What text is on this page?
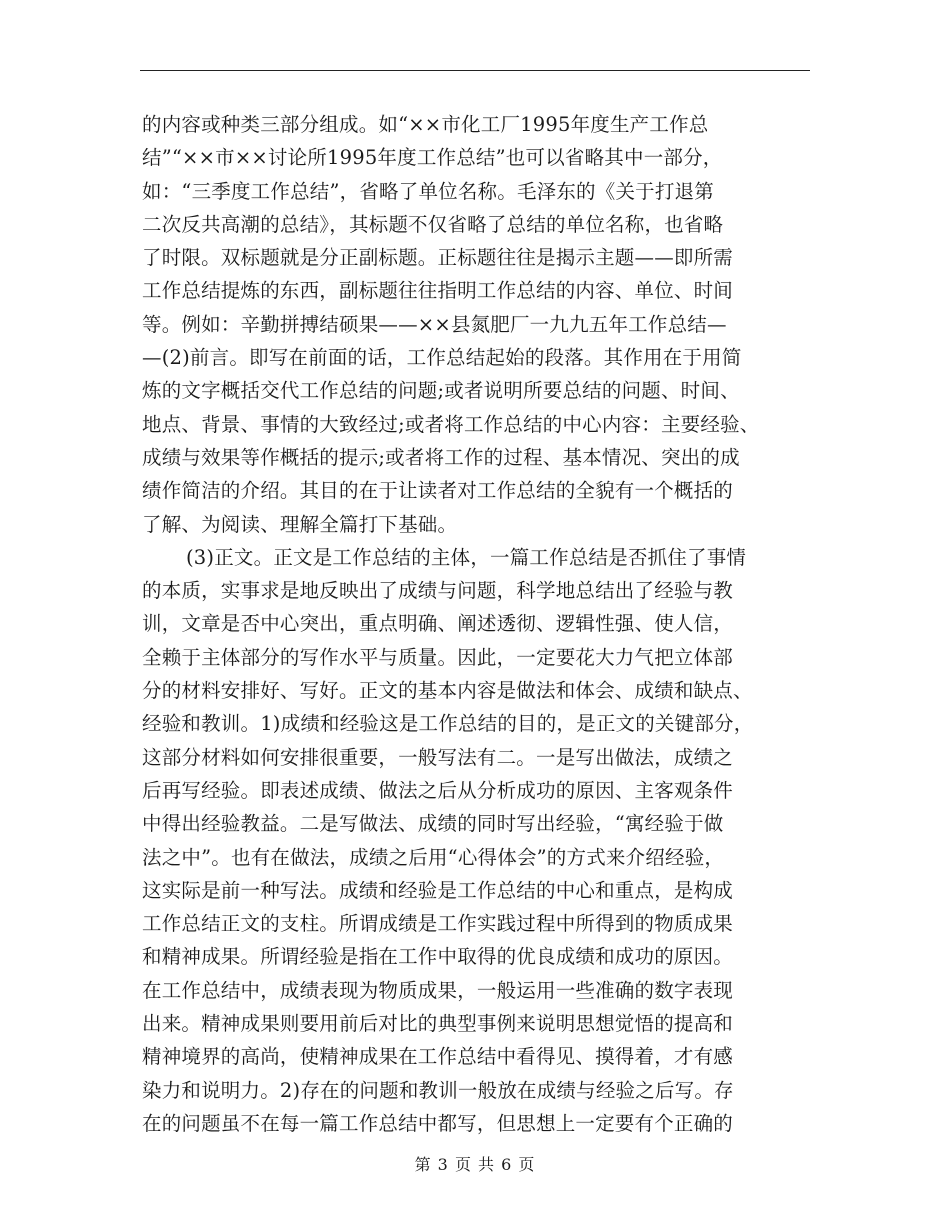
的内容或种类三部分组成。如“××市化工厂1995年度生产工作总
结”“××市××讨论所1995年度工作总结”也可以省略其中一部分，
如：“三季度工作总结”，省略了单位名称。毛泽东的《关于打退第
二次反共高潮的总结》，其标题不仅省略了总结的单位名称，也省略
了时限。双标题就是分正副标题。正标题往往是揭示主题——即所需
工作总结提炼的东西，副标题往往指明工作总结的内容、单位、时间
等。例如：辛勤拼搏结硕果——××县氮肥厂一九九五年工作总结—
—(2)前言。即写在前面的话，工作总结起始的段落。其作用在于用简
炼的文字概括交代工作总结的问题;或者说明所要总结的问题、时间、
地点、背景、事情的大致经过;或者将工作总结的中心内容：主要经验、
成绩与效果等作概括的提示;或者将工作的过程、基本情况、突出的成
绩作简洁的介绍。其目的在于让读者对工作总结的全貌有一个概括的
了解、为阅读、理解全篇打下基础。
(3)正文。正文是工作总结的主体，一篇工作总结是否抓住了事情
的本质，实事求是地反映出了成绩与问题，科学地总结出了经验与教
训，文章是否中心突出，重点明确、阐述透彻、逻辑性强、使人信，
全赖于主体部分的写作水平与质量。因此，一定要花大力气把立体部
分的材料安排好、写好。正文的基本内容是做法和体会、成绩和缺点、
经验和教训。1)成绩和经验这是工作总结的目的，是正文的关键部分，
这部分材料如何安排很重要，一般写法有二。一是写出做法，成绩之
后再写经验。即表述成绩、做法之后从分析成功的原因、主客观条件
中得出经验教益。二是写做法、成绩的同时写出经验，“寓经验于做
法之中”。也有在做法，成绩之后用“心得体会”的方式来介绍经验，
这实际是前一种写法。成绩和经验是工作总结的中心和重点，是构成
工作总结正文的支柱。所谓成绩是工作实践过程中所得到的物质成果
和精神成果。所谓经验是指在工作中取得的优良成绩和成功的原因。
在工作总结中，成绩表现为物质成果，一般运用一些准确的数字表现
出来。精神成果则要用前后对比的典型事例来说明思想觉悟的提高和
精神境界的高尚，使精神成果在工作总结中看得见、摸得着，才有感
染力和说明力。2)存在的问题和教训一般放在成绩与经验之后写。存
在的问题虽不在每一篇工作总结中都写，但思想上一定要有个正确的
第 3 页 共 6 页
